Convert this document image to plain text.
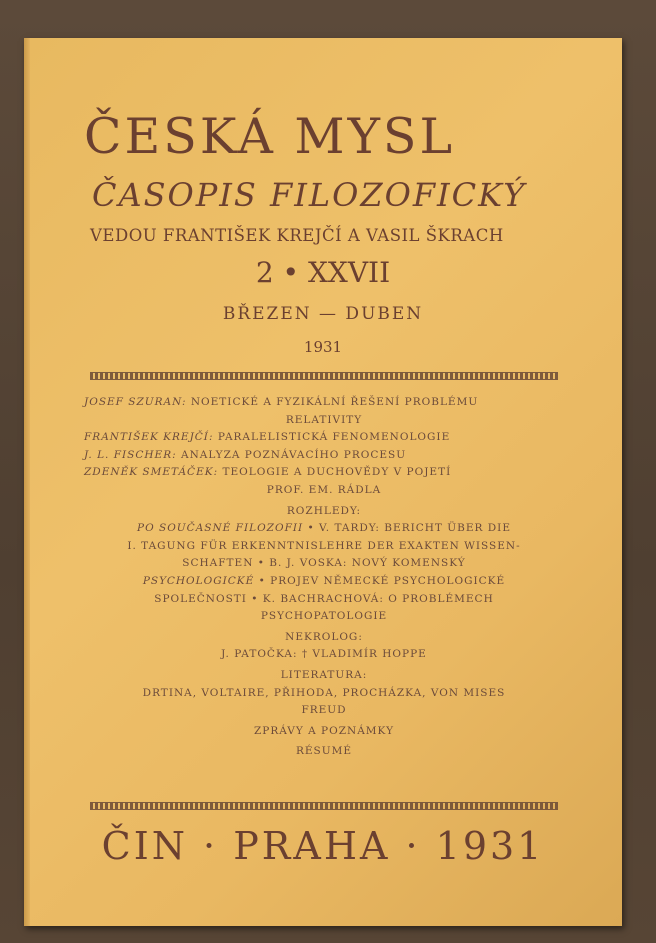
ČESKÁ MYSL
ČASOPIS FILOZOFICKÝ
VEDOU FRANTIŠEK KREJČÍ A VASIL ŠKRACH
2 • XXVII
BŘEZEN — DUBEN
1931
JOSEF SZURAN: NOETICKÉ A FYZIKÁLNÍ ŘEŠENÍ PROBLÉMU
RELATIVITY
FRANTIŠEK KREJČÍ: PARALELISTICKÁ FENOMENOLOGIE
J. L. FISCHER: ANALYZA POZNÁVACÍHO PROCESU
ZDENĚK SMETÁČEK: TEOLOGIE A DUCHOVĚDY V POJETÍ
PROF. EM. RÁDLA
ROZHLEDY:
PO SOUČASNÉ FILOZOFII • V. TARDY: BERICHT ÜBER DIE
I. TAGUNG FÜR ERKENNTNISLEHRE DER EXAKTEN WISSEN-
SCHAFTEN • B. J. VOSKA: NOVÝ KOMENSKÝ
PSYCHOLOGICKÉ • PROJEV NĚMECKÉ PSYCHOLOGICKÉ
SPOLEČNOSTI • K. BACHRACHOVÁ: O PROBLÉMECH
PSYCHOPATOLOGIE
NEKROLOG:
J. PATOČKA: † VLADIMÍR HOPPE
LITERATURA:
DRTINA, VOLTAIRE, PŘIHODA, PROCHÁZKA, VON MISES
FREUD
ZPRÁVY A POZNÁMKY
RÉSUMÉ
ČIN · PRAHA · 1931
